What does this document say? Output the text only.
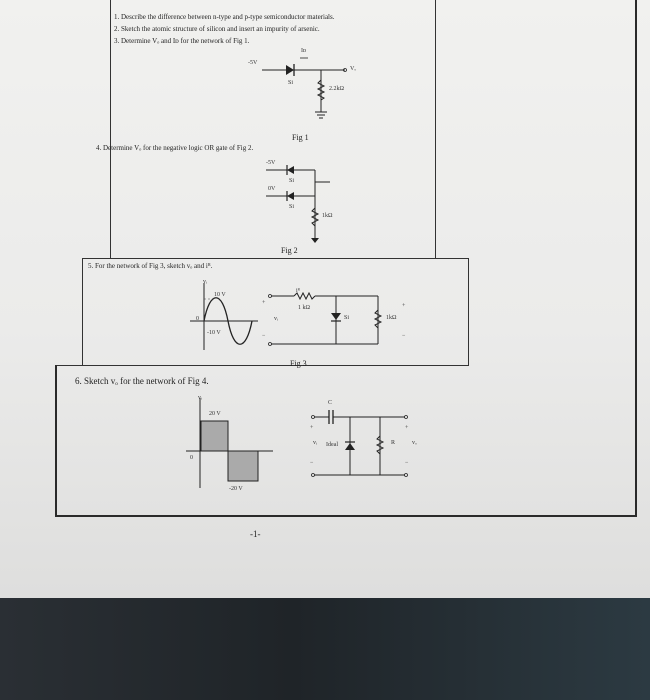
1. Describe the difference between n-type and p-type semiconductor materials.
2. Sketch the atomic structure of silicon and insert an impurity of arsenic.
3. Determine Vₒ and Iᴅ for the network of Fig 1.
4. Determine Vₒ for the negative logic OR gate of Fig 2.
5. For the network of Fig 3, sketch vₒ and iᴿ.
6. Sketch vₒ for the network of Fig 4.
-5V
Si
Iᴅ
2.2kΩ
Vₒ
Fig 1
-5V
0V
Si
Si
1kΩ
Fig 2
10 V
-10 V
0
vᵢ
1 kΩ
Si	1kΩ
vᵢ
iᴿ
+
−
+
−
Fig 3
20 V
-20 V
0
vᵢ
C
Ideal	R
vᵢ	vₒ
+
−
+
−
-1-
